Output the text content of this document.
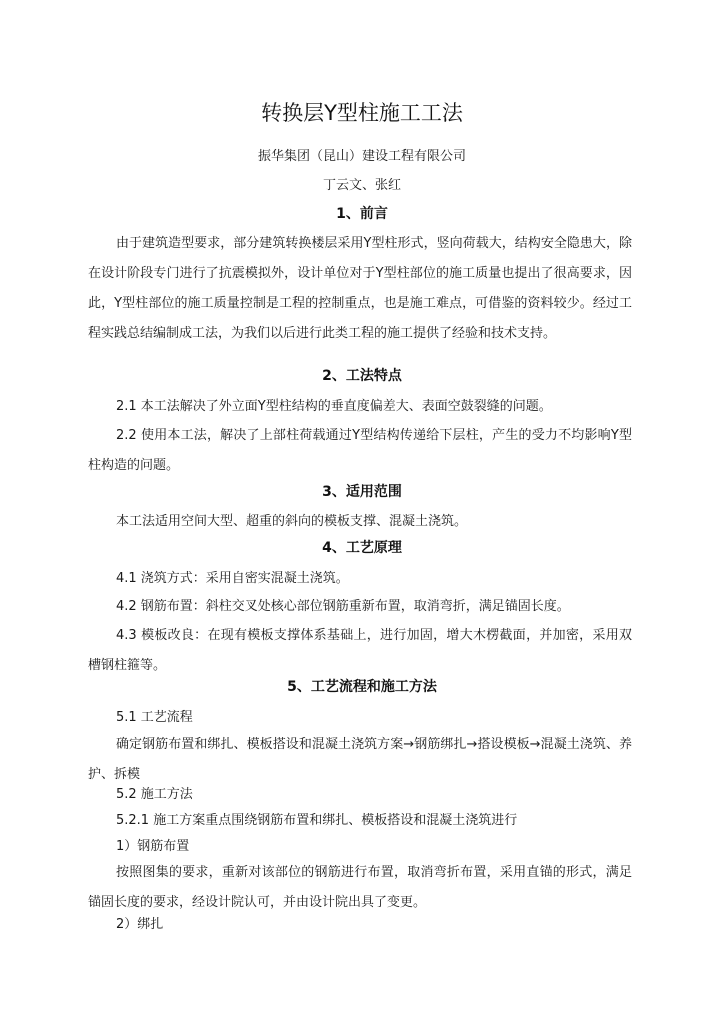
转换层Y型柱施工工法
振华集团（昆山）建设工程有限公司
丁云文、张红
1、前言

由于建筑造型要求，部分建筑转换楼层采用Y型柱形式，竖向荷载大，结构安全隐患大，除在设计阶段专门进行了抗震模拟外，设计单位对于Y型柱部位的施工质量也提出了很高要求，因此，Y型柱部位的施工质量控制是工程的控制重点，也是施工难点，可借鉴的资料较少。经过工程实践总结编制成工法，为我们以后进行此类工程的施工提供了经验和技术支持。

2、工法特点

2.1 本工法解决了外立面Y型柱结构的垂直度偏差大、表面空鼓裂缝的问题。

2.2 使用本工法，解决了上部柱荷载通过Y型结构传递给下层柱，产生的受力不均影响Y型柱构造的问题。

3、适用范围

本工法适用空间大型、超重的斜向的模板支撑、混凝土浇筑。

4、工艺原理

4.1 浇筑方式：采用自密实混凝土浇筑。

4.2 钢筋布置：斜柱交叉处核心部位钢筋重新布置，取消弯折，满足锚固长度。

4.3 模板改良：在现有模板支撑体系基础上，进行加固，增大木楞截面，并加密，采用双槽钢柱箍等。

5、工艺流程和施工方法

5.1 工艺流程

确定钢筋布置和绑扎、模板搭设和混凝土浇筑方案→钢筋绑扎→搭设模板→混凝土浇筑、养护、拆模

5.2 施工方法

5.2.1 施工方案重点围绕钢筋布置和绑扎、模板搭设和混凝土浇筑进行

1）钢筋布置

按照图集的要求，重新对该部位的钢筋进行布置，取消弯折布置，采用直锚的形式，满足锚固长度的要求，经设计院认可，并由设计院出具了变更。

2）绑扎
